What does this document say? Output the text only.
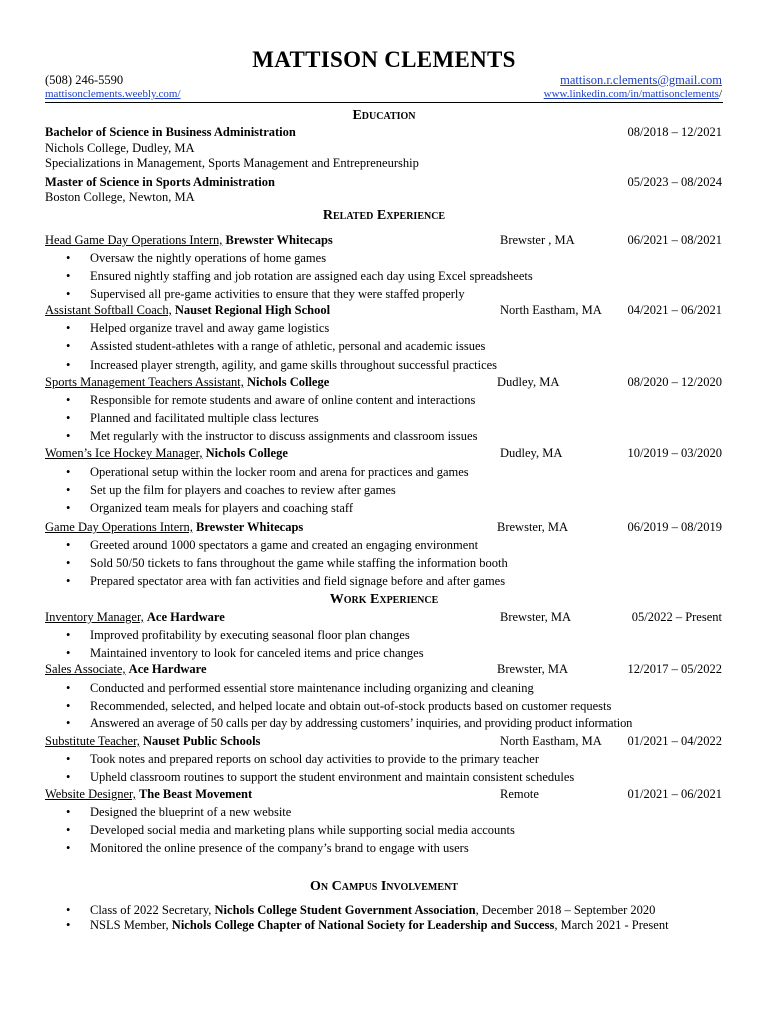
MATTISON CLEMENTS
(508) 246-5590	mattison.r.clements@gmail.com
mattisonclements.weebly.com/	www.linkedin.com/in/mattisonclements/
Education
Bachelor of Science in Business Administration	08/2018 – 12/2021
Nichols College, Dudley, MA
Specializations in Management, Sports Management and Entrepreneurship
Master of Science in Sports Administration	05/2023 – 08/2024
Boston College, Newton, MA
Related Experience
Head Game Day Operations Intern, Brewster Whitecaps	Brewster , MA	06/2021 – 08/2021
• Oversaw the nightly operations of home games
• Ensured nightly staffing and job rotation are assigned each day using Excel spreadsheets
• Supervised all pre-game activities to ensure that they were staffed properly
Assistant Softball Coach, Nauset Regional High School	North Eastham, MA 04/2021 – 06/2021
• Helped organize travel and away game logistics
• Assisted student-athletes with a range of athletic, personal and academic issues
• Increased player strength, agility, and game skills throughout successful practices
Sports Management Teachers Assistant, Nichols College	Dudley, MA	08/2020 – 12/2020
• Responsible for remote students and aware of online content and interactions
• Planned and facilitated multiple class lectures
• Met regularly with the instructor to discuss assignments and classroom issues
Women’s Ice Hockey Manager, Nichols College	Dudley, MA	10/2019 – 03/2020
• Operational setup within the locker room and arena for practices and games
• Set up the film for players and coaches to review after games
• Organized team meals for players and coaching staff
Game Day Operations Intern, Brewster Whitecaps	Brewster, MA	06/2019 – 08/2019
• Greeted around 1000 spectators a game and created an engaging environment
• Sold 50/50 tickets to fans throughout the game while staffing the information booth
• Prepared spectator area with fan activities and field signage before and after games
Work Experience
Inventory Manager, Ace Hardware	Brewster, MA	05/2022 – Present
• Improved profitability by executing seasonal floor plan changes
• Maintained inventory to look for canceled items and price changes
Sales Associate, Ace Hardware	Brewster, MA	12/2017 – 05/2022
• Conducted and performed essential store maintenance including organizing and cleaning
• Recommended, selected, and helped locate and obtain out-of-stock products based on customer requests
• Answered an average of 50 calls per day by addressing customers’ inquiries, and providing product information
Substitute Teacher, Nauset Public Schools	North Eastham, MA 01/2021 – 04/2022
• Took notes and prepared reports on school day activities to provide to the primary teacher
• Upheld classroom routines to support the student environment and maintain consistent schedules
Website Designer, The Beast Movement	Remote	01/2021 – 06/2021
• Designed the blueprint of a new website
• Developed social media and marketing plans while supporting social media accounts
• Monitored the online presence of the company’s brand to engage with users
On Campus Involvement
• Class of 2022 Secretary, Nichols College Student Government Association, December 2018 – September 2020
• NSLS Member, Nichols College Chapter of National Society for Leadership and Success, March 2021 - Present
